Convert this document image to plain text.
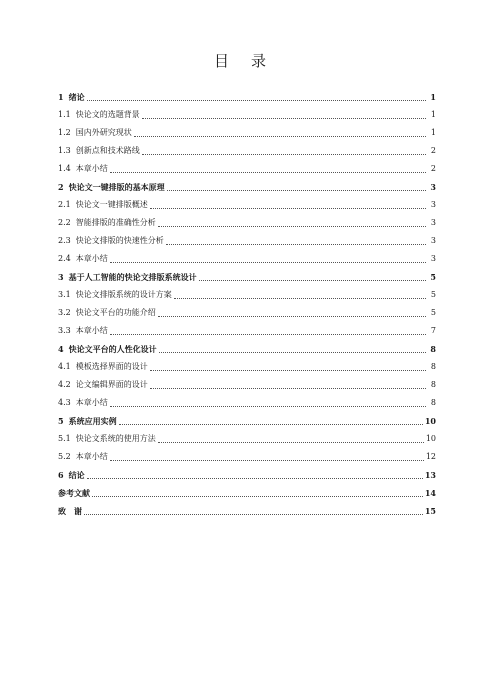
目 录
1 绪论	1
1.1 快论文的选题背景	1
1.2 国内外研究现状	1
1.3 创新点和技术路线	2
1.4 本章小结	2
2 快论文一键排版的基本原理	3
2.1 快论文一键排版概述	3
2.2 智能排版的准确性分析	3
2.3 快论文排版的快速性分析	3
2.4 本章小结	3
3 基于人工智能的快论文排版系统设计	5
3.1 快论文排版系统的设计方案	5
3.2 快论文平台的功能介绍	5
3.3 本章小结	7
4 快论文平台的人性化设计	8
4.1 模板选择界面的设计	8
4.2 论文编辑界面的设计	8
4.3 本章小结	8
5 系统应用实例	10
5.1 快论文系统的使用方法	10
5.2 本章小结	12
6 结论	13
参考文献	14
致　谢	15
